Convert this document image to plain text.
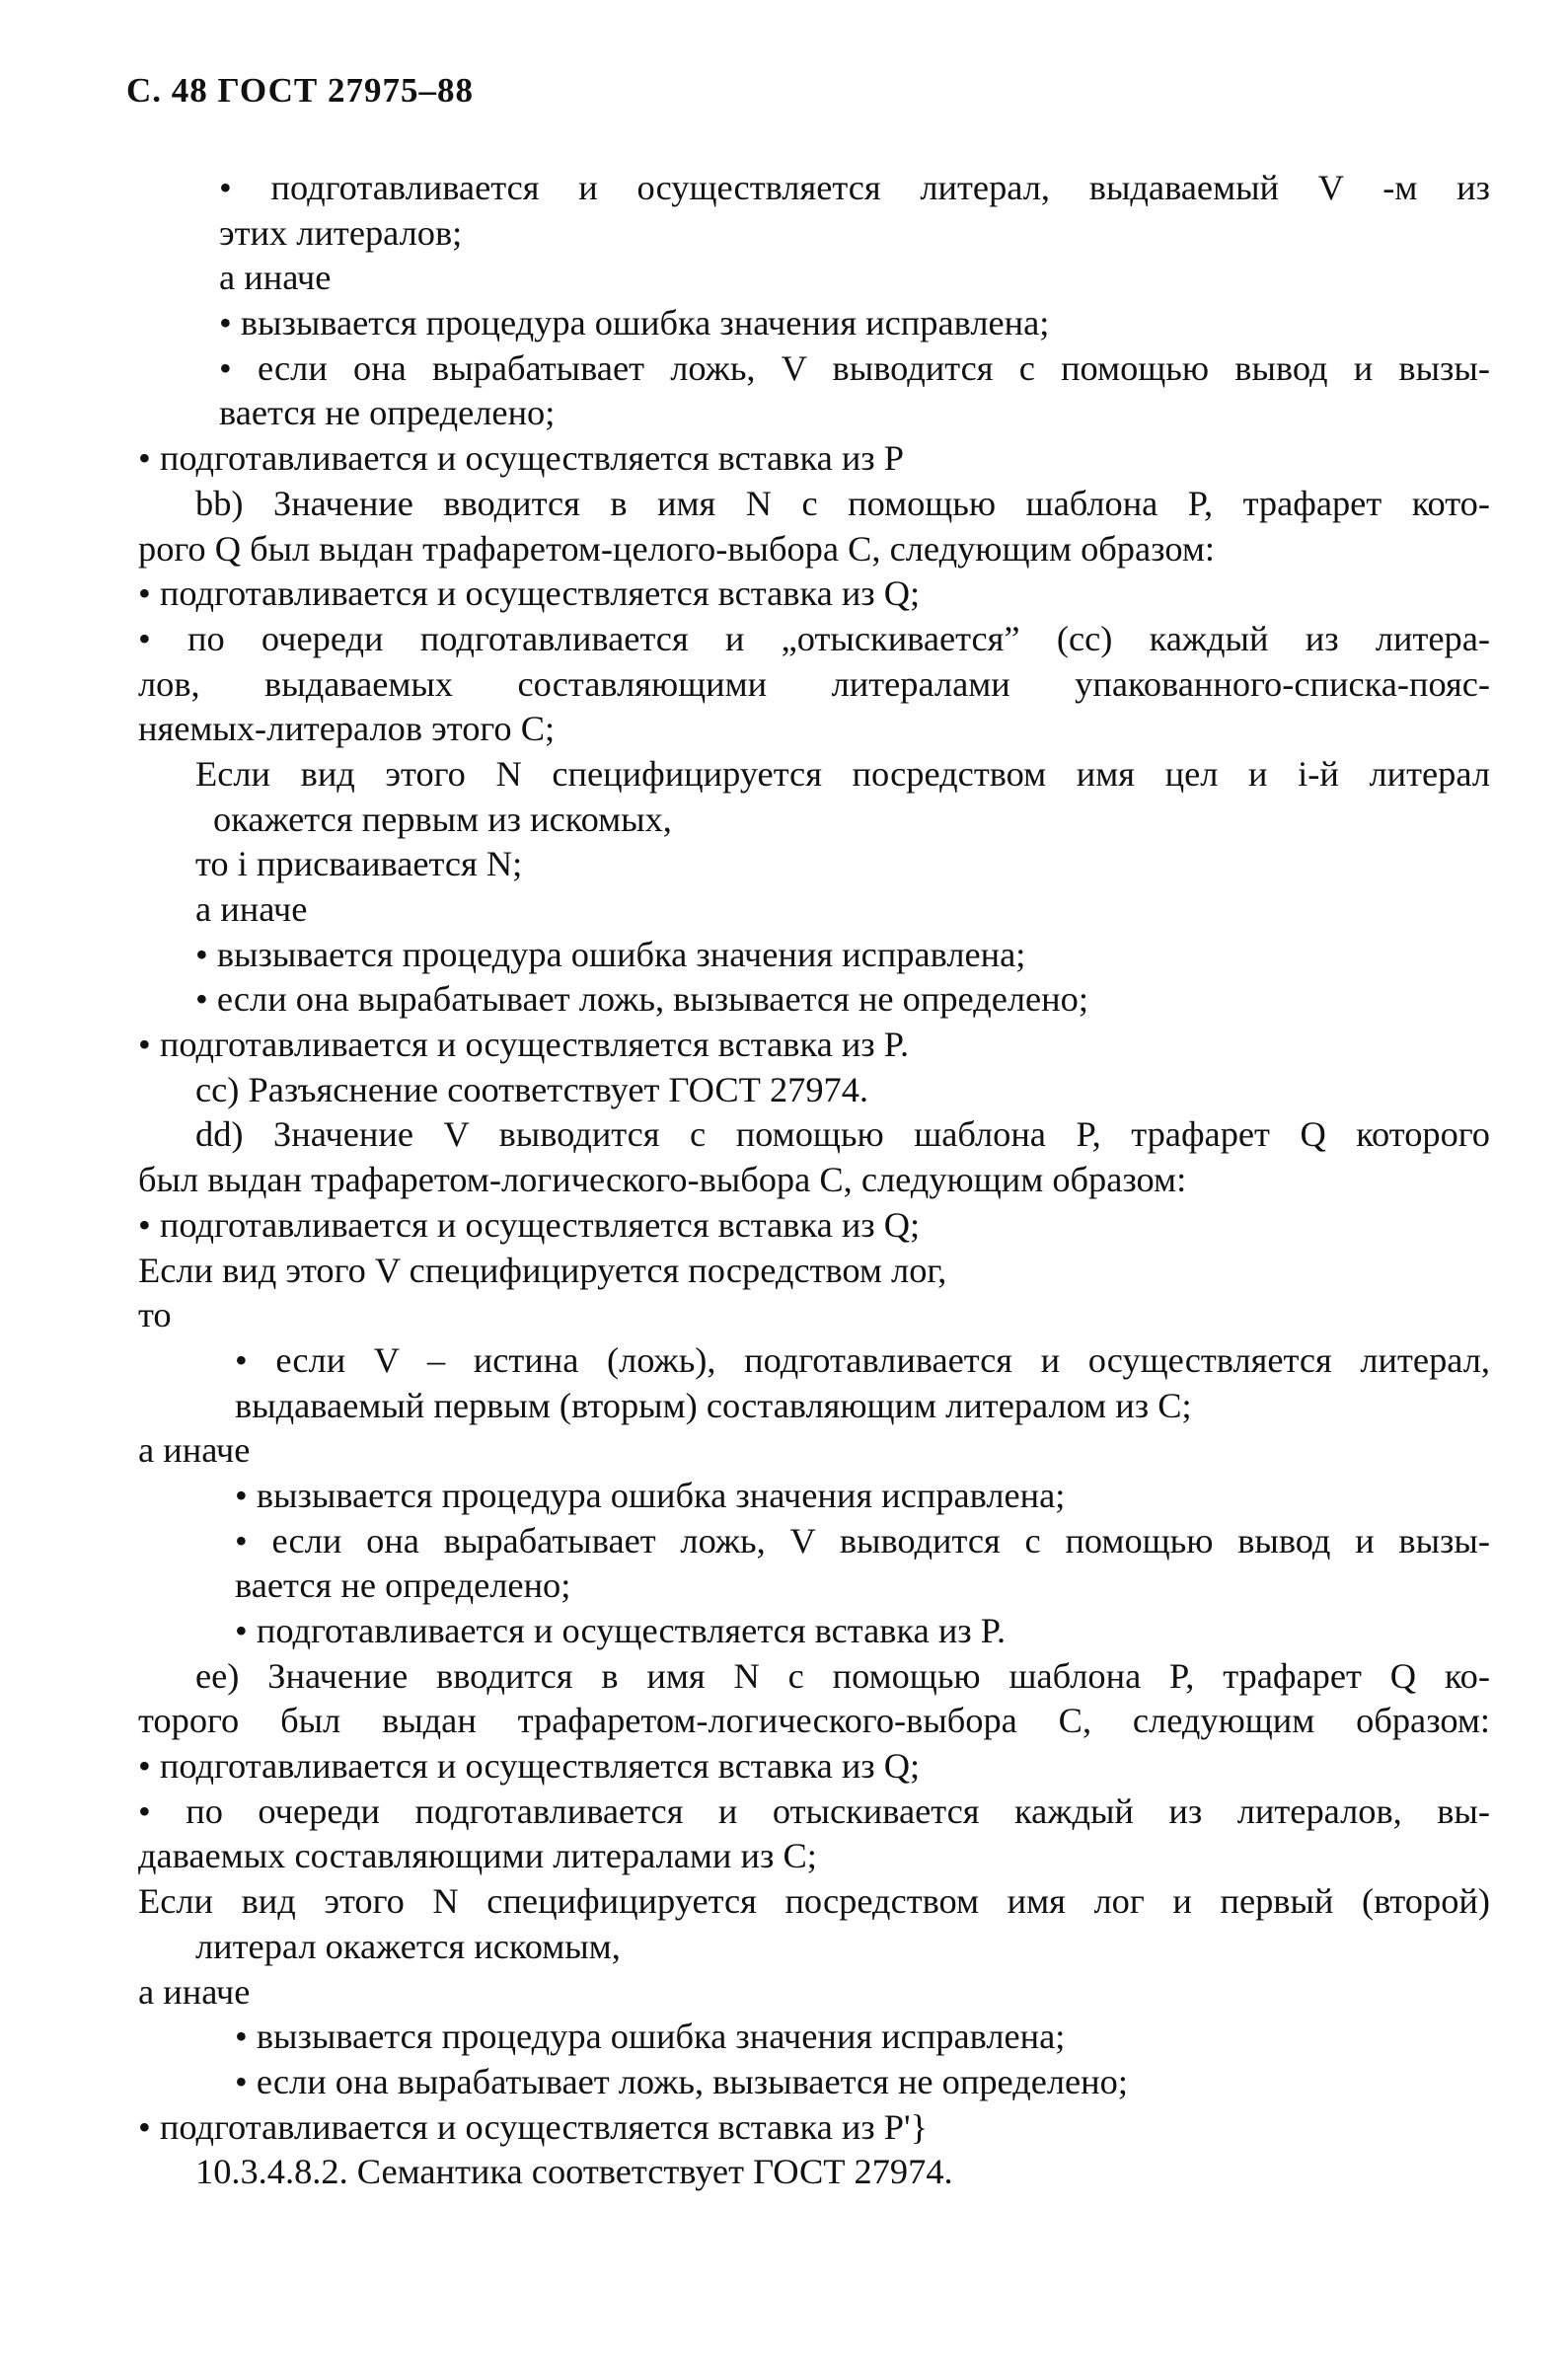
С. 48 ГОСТ 27975–88
• подготавливается и осуществляется литерал, выдаваемый V -м из
этих литералов;
а иначе
• вызывается процедура ошибка значения исправлена;
• если она вырабатывает ложь, V выводится с помощью вывод и вызы-
вается не определено;
• подготавливается и осуществляется вставка из P
bb) Значение вводится в имя N с помощью шаблона P, трафарет кото-
рого Q был выдан трафаретом-целого-выбора C, следующим образом:
• подготавливается и осуществляется вставка из Q;
• по очереди подготавливается и „отыскивается” (cc) каждый из литера-
лов, выдаваемых составляющими литералами упакованного-списка-пояс-
няемых-литералов этого C;
Если вид этого N специфицируется посредством имя цел и i-й литерал
окажется первым из искомых,
то i присваивается N;
а иначе
• вызывается процедура ошибка значения исправлена;
• если она вырабатывает ложь, вызывается не определено;
• подготавливается и осуществляется вставка из P.
cc) Разъяснение соответствует ГОСТ 27974.
dd) Значение V выводится с помощью шаблона P, трафарет Q которого
был выдан трафаретом-логического-выбора C, следующим образом:
• подготавливается и осуществляется вставка из Q;
Если вид этого V специфицируется посредством лог,
то
• если V – истина (ложь), подготавливается и осуществляется литерал,
выдаваемый первым (вторым) составляющим литералом из C;
а иначе
• вызывается процедура ошибка значения исправлена;
• если она вырабатывает ложь, V выводится с помощью вывод и вызы-
вается не определено;
• подготавливается и осуществляется вставка из P.
ee) Значение вводится в имя N с помощью шаблона P, трафарет Q ко-
торого был выдан трафаретом-логического-выбора C, следующим образом:
• подготавливается и осуществляется вставка из Q;
• по очереди подготавливается и отыскивается каждый из литералов, вы-
даваемых составляющими литералами из C;
Если вид этого N специфицируется посредством имя лог и первый (второй)
литерал окажется искомым,
а иначе
• вызывается процедура ошибка значения исправлена;
• если она вырабатывает ложь, вызывается не определено;
• подготавливается и осуществляется вставка из P'}
10.3.4.8.2. Семантика соответствует ГОСТ 27974.
